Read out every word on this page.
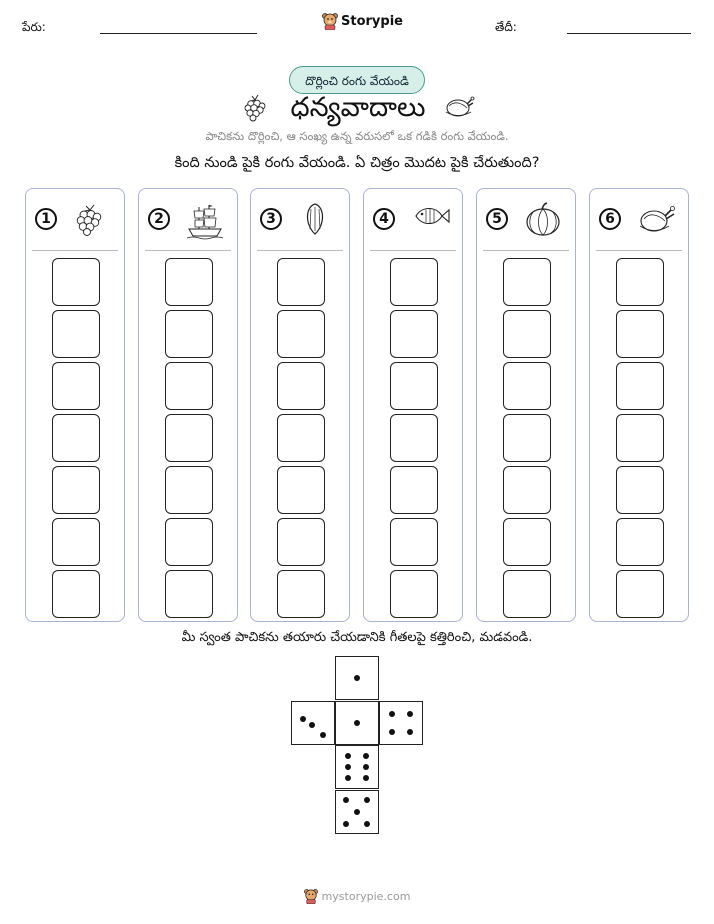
పేరు:	Storypie	తేదీ:
దొర్లించి రంగు వేయండి
ధన్యవాదాలు
పాచికను దొర్లించి, ఆ సంఖ్య ఉన్న వరుసలో ఒక గడికి రంగు వేయండి.
కింది నుండి పైకి రంగు వేయండి. ఏ చిత్రం మొదట పైకి చేరుతుంది?
1	2	3	4	5	6
మీ స్వంత పాచికను తయారు చేయడానికి గీతలపై కత్తిరించి, మడవండి.
mystorypie.com
